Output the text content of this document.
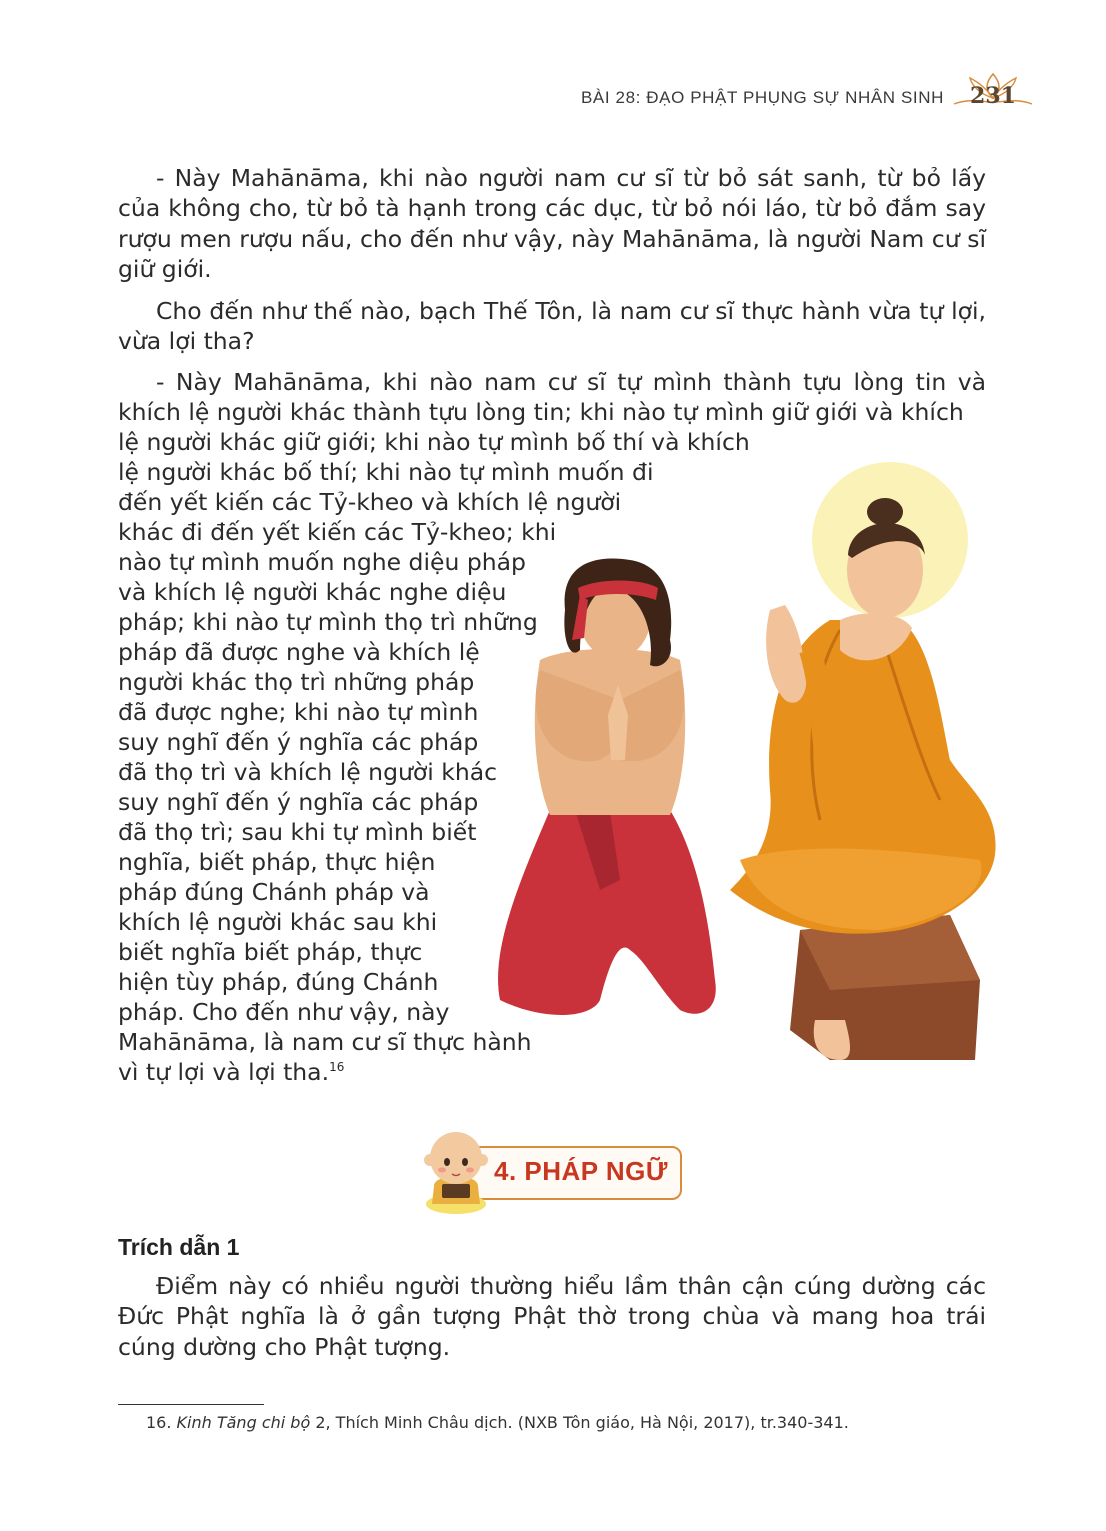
BÀI 28: ĐẠO PHẬT PHỤNG SỰ NHÂN SINH 231

- Này Mahānāma, khi nào người nam cư sĩ từ bỏ sát sanh, từ bỏ lấy của không cho, từ bỏ tà hạnh trong các dục, từ bỏ nói láo, từ bỏ đắm say rượu men rượu nấu, cho đến như vậy, này Mahānāma, là người Nam cư sĩ giữ giới.

Cho đến như thế nào, bạch Thế Tôn, là nam cư sĩ thực hành vừa tự lợi, vừa lợi tha?

- Này Mahānāma, khi nào nam cư sĩ tự mình thành tựu lòng tin và khích lệ người khác thành tựu lòng tin; khi nào tự mình giữ giới và khích

lệ người khác giữ giới; khi nào tự mình bố thí và khích
lệ người khác bố thí; khi nào tự mình muốn đi
đến yết kiến các Tỷ-kheo và khích lệ người
khác đi đến yết kiến các Tỷ-kheo; khi
nào tự mình muốn nghe diệu pháp
và khích lệ người khác nghe diệu
pháp; khi nào tự mình thọ trì những
pháp đã được nghe và khích lệ
người khác thọ trì những pháp
đã được nghe; khi nào tự mình
suy nghĩ đến ý nghĩa các pháp
đã thọ trì và khích lệ người khác
suy nghĩ đến ý nghĩa các pháp
đã thọ trì; sau khi tự mình biết
nghĩa, biết pháp, thực hiện
pháp đúng Chánh pháp và
khích lệ người khác sau khi
biết nghĩa biết pháp, thực
hiện tùy pháp, đúng Chánh
pháp. Cho đến như vậy, này
Mahānāma, là nam cư sĩ thực hành
vì tự lợi và lợi tha.$^{16}$
4. PHÁP NGỮ
Trích dẫn 1

Điểm này có nhiều người thường hiểu lầm thân cận cúng dường các Đức Phật nghĩa là ở gần tượng Phật thờ trong chùa và mang hoa trái cúng dường cho Phật tượng.

16. Kinh Tăng chi bộ 2, Thích Minh Châu dịch. (NXB Tôn giáo, Hà Nội, 2017), tr.340-341.
